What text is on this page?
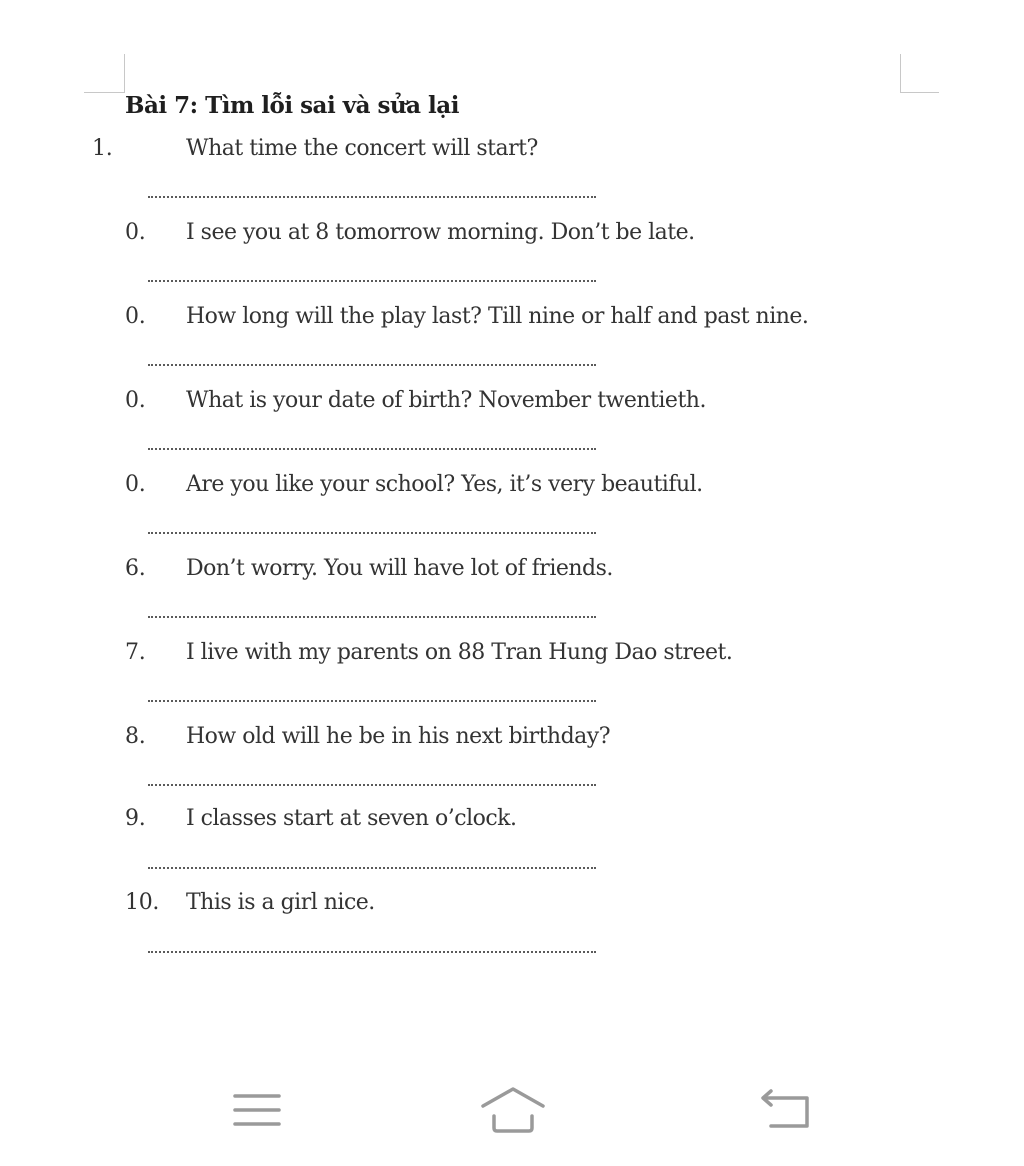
Bài 7: Tìm lỗi sai và sửa lại
1.	What time the concert will start?
0. I see you at 8 tomorrow morning. Don’t be late.
0. How long will the play last? Till nine or half and past nine.
0. What is your date of birth? November twentieth.
0. Are you like your school? Yes, it’s very beautiful.
6. Don’t worry. You will have lot of friends.
7. I live with my parents on 88 Tran Hung Dao street.
8. How old will he be in his next birthday?
9. I classes start at seven o’clock.
10. This is a girl nice.
